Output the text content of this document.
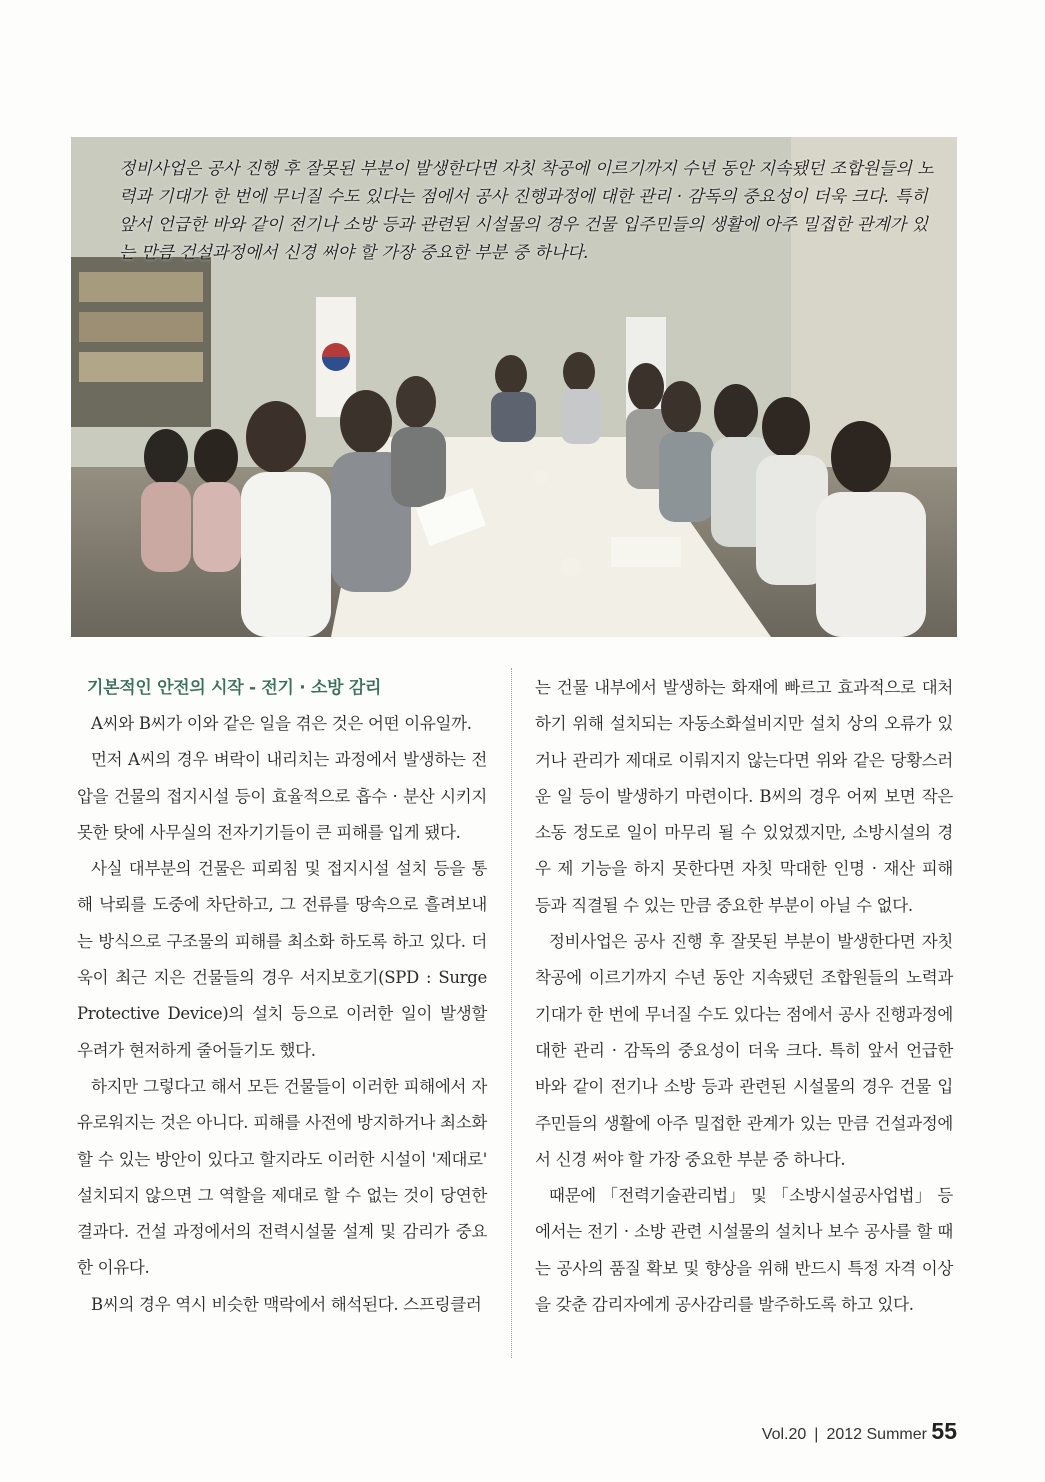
정비사업은 공사 진행 후 잘못된 부분이 발생한다면 자칫 착공에 이르기까지 수년 동안 지속됐던 조합원들의 노력과 기대가 한 번에 무너질 수도 있다는 점에서 공사 진행과정에 대한 관리 · 감독의 중요성이 더욱 크다. 특히 앞서 언급한 바와 같이 전기나 소방 등과 관련된 시설물의 경우 건물 입주민들의 생활에 아주 밀접한 관계가 있는 만큼 건설과정에서 신경 써야 할 가장 중요한 부분 중 하나다.
기본적인 안전의 시작 - 전기 · 소방 감리

A씨와 B씨가 이와 같은 일을 겪은 것은 어떤 이유일까.

먼저 A씨의 경우 벼락이 내리치는 과정에서 발생하는 전압을 건물의 접지시설 등이 효율적으로 흡수 · 분산 시키지 못한 탓에 사무실의 전자기기들이 큰 피해를 입게 됐다.

사실 대부분의 건물은 피뢰침 및 접지시설 설치 등을 통해 낙뢰를 도중에 차단하고, 그 전류를 땅속으로 흘려보내는 방식으로 구조물의 피해를 최소화 하도록 하고 있다. 더욱이 최근 지은 건물들의 경우 서지보호기(SPD : Surge Protective Device)의 설치 등으로 이러한 일이 발생할 우려가 현저하게 줄어들기도 했다.

하지만 그렇다고 해서 모든 건물들이 이러한 피해에서 자유로워지는 것은 아니다. 피해를 사전에 방지하거나 최소화 할 수 있는 방안이 있다고 할지라도 이러한 시설이 '제대로' 설치되지 않으면 그 역할을 제대로 할 수 없는 것이 당연한 결과다. 건설 과정에서의 전력시설물 설계 및 감리가 중요한 이유다.

B씨의 경우 역시 비슷한 맥락에서 해석된다. 스프링클러

는 건물 내부에서 발생하는 화재에 빠르고 효과적으로 대처하기 위해 설치되는 자동소화설비지만 설치 상의 오류가 있거나 관리가 제대로 이뤄지지 않는다면 위와 같은 당황스러운 일 등이 발생하기 마련이다. B씨의 경우 어찌 보면 작은 소동 정도로 일이 마무리 될 수 있었겠지만, 소방시설의 경우 제 기능을 하지 못한다면 자칫 막대한 인명 · 재산 피해 등과 직결될 수 있는 만큼 중요한 부분이 아닐 수 없다.

정비사업은 공사 진행 후 잘못된 부분이 발생한다면 자칫 착공에 이르기까지 수년 동안 지속됐던 조합원들의 노력과 기대가 한 번에 무너질 수도 있다는 점에서 공사 진행과정에 대한 관리 · 감독의 중요성이 더욱 크다. 특히 앞서 언급한 바와 같이 전기나 소방 등과 관련된 시설물의 경우 건물 입주민들의 생활에 아주 밀접한 관계가 있는 만큼 건설과정에서 신경 써야 할 가장 중요한 부분 중 하나다.

때문에 「전력기술관리법」 및 「소방시설공사업법」 등에서는 전기 · 소방 관련 시설물의 설치나 보수 공사를 할 때는 공사의 품질 확보 및 향상을 위해 반드시 특정 자격 이상을 갖춘 감리자에게 공사감리를 발주하도록 하고 있다.

Vol.20 | 2012 Summer 55
